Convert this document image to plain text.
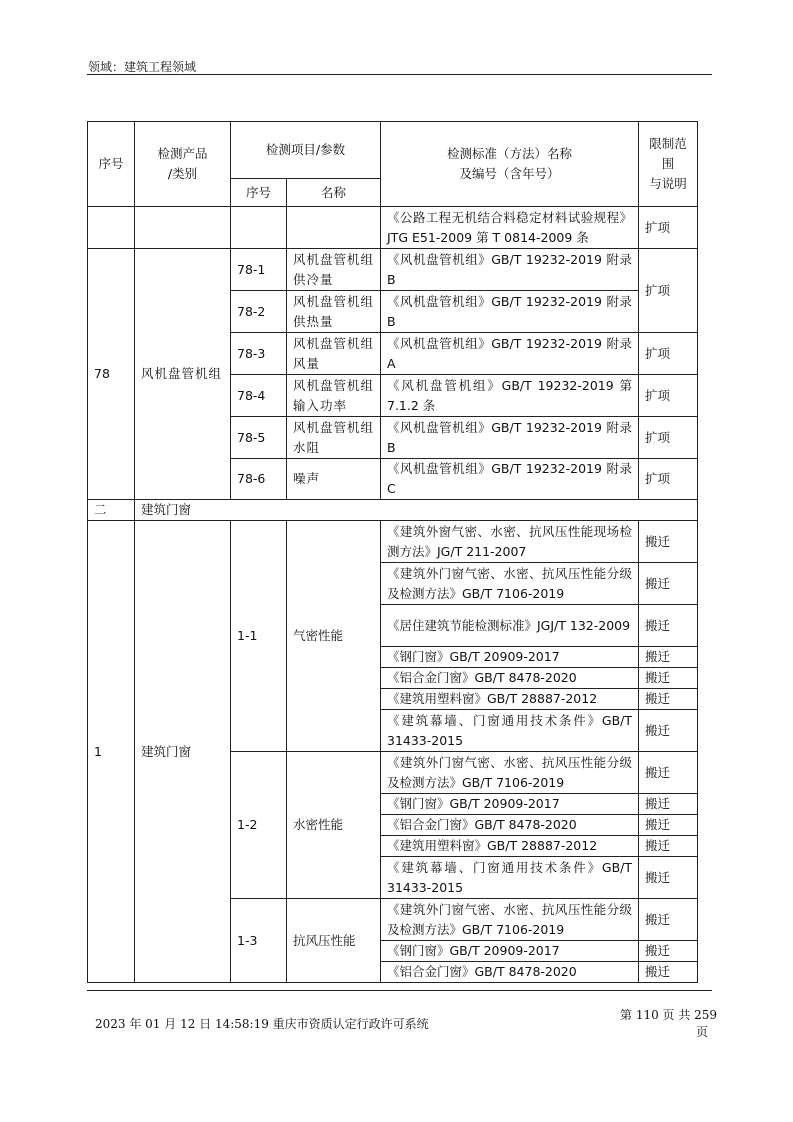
领域：建筑工程领域
序号	检测产品
/类别	检测项目/参数		检测标准（方法）名称
及编号（含年号）	限制范围
与说明
		序号	名称		
				《公路工程无机结合料稳定材料试验规程》JTG E51-2009 第 T 0814-2009 条	扩项
78	风机盘管机组	78-1	风机盘管机组供冷量	《风机盘管机组》GB/T 19232-2019 附录 B	扩项
		78-2	风机盘管机组供热量	《风机盘管机组》GB/T 19232-2019 附录 B	
		78-3	风机盘管机组风量	《风机盘管机组》GB/T 19232-2019 附录 A	扩项
		78-4	风机盘管机组输入功率	《风机盘管机组》GB/T 19232-2019 第 7.1.2 条	扩项
		78-5	风机盘管机组水阻	《风机盘管机组》GB/T 19232-2019 附录 B	扩项
		78-6	噪声	《风机盘管机组》GB/T 19232-2019 附录 C	扩项
二	建筑门窗				
1	建筑门窗	1-1	气密性能	《建筑外窗气密、水密、抗风压性能现场检测方法》JG/T 211-2007	搬迁
				《建筑外门窗气密、水密、抗风压性能分级及检测方法》GB/T 7106-2019	搬迁
				《居住建筑节能检测标准》JGJ/T 132-2009	搬迁
				《钢门窗》GB/T 20909-2017	搬迁
				《铝合金门窗》GB/T 8478-2020	搬迁
				《建筑用塑料窗》GB/T 28887-2012	搬迁
				《建筑幕墙、门窗通用技术条件》GB/T 31433-2015	搬迁
		1-2	水密性能	《建筑外门窗气密、水密、抗风压性能分级及检测方法》GB/T 7106-2019	搬迁
				《钢门窗》GB/T 20909-2017	搬迁
				《铝合金门窗》GB/T 8478-2020	搬迁
				《建筑用塑料窗》GB/T 28887-2012	搬迁
				《建筑幕墙、门窗通用技术条件》GB/T 31433-2015	搬迁
		1-3	抗风压性能	《建筑外门窗气密、水密、抗风压性能分级及检测方法》GB/T 7106-2019	搬迁
				《钢门窗》GB/T 20909-2017	搬迁
				《铝合金门窗》GB/T 8478-2020	搬迁
2023 年 01 月 12 日 14:58:19 重庆市资质认定行政许可系统
第 110 页 共 259
页
